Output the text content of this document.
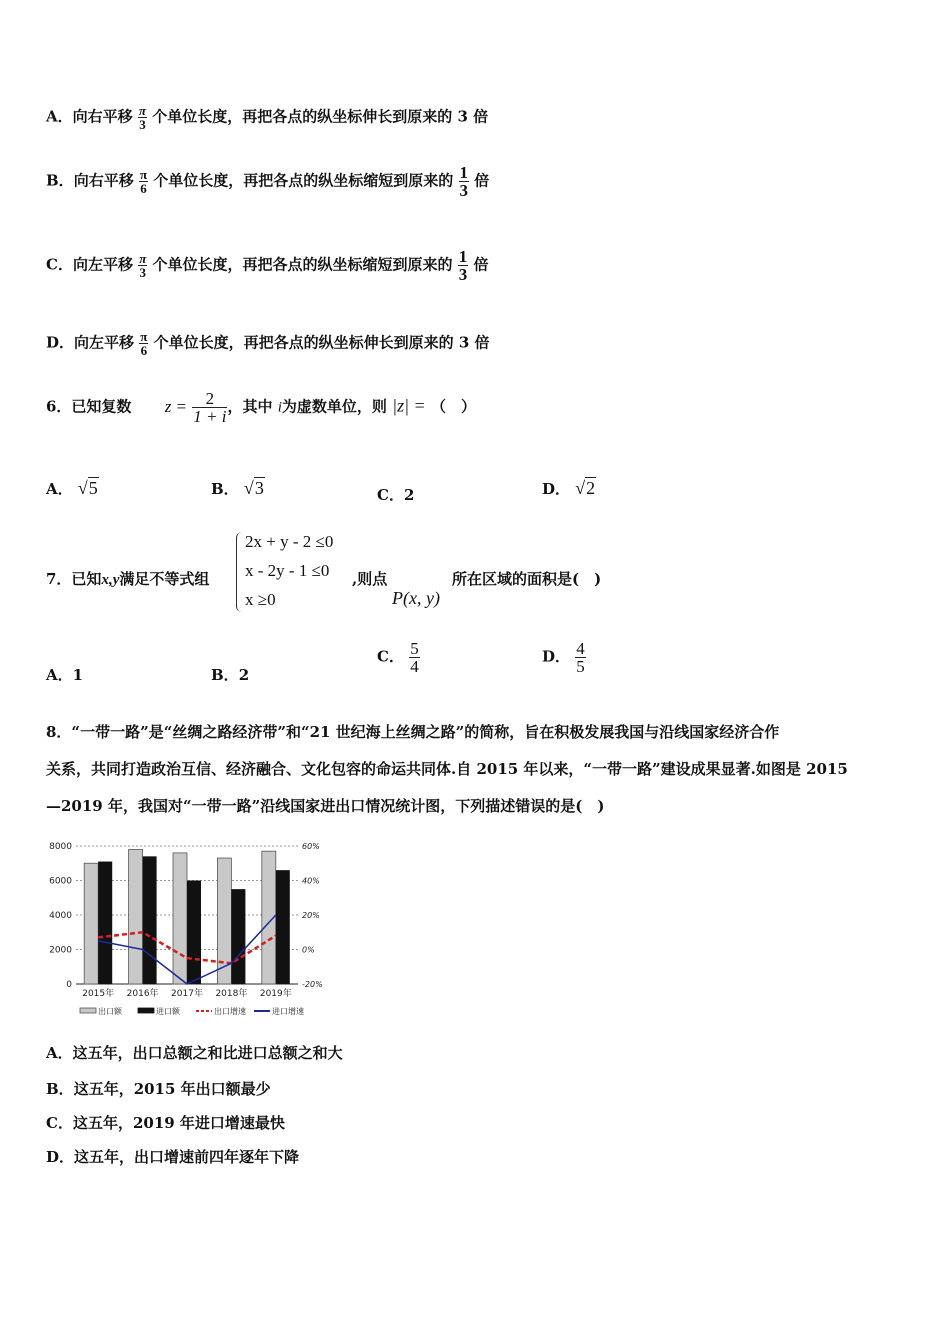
A．向右平移 $\frac{\pi}{3}$ 个单位长度，再把各点的纵坐标伸长到原来的 3 倍
B．向右平移 $\frac{\pi}{6}$ 个单位长度，再把各点的纵坐标缩短到原来的 $\frac{1}{3}$ 倍
C．向左平移 $\frac{\pi}{3}$ 个单位长度，再把各点的纵坐标缩短到原来的 $\frac{1}{3}$ 倍
D．向左平移 $\frac{\pi}{6}$ 个单位长度，再把各点的纵坐标伸长到原来的 3 倍
6．已知复数 $z = \frac{2}{1 + i}$ ，其中 i为虚数单位，则 |z| = （　）
A． √5	B． √3	C．2	D． √2
7．已知x,y满足不等式组
2x + y - 2 ≤0
x - 2y - 1 ≤0
x ≥0
,则点
P(x, y)
所在区域的面积是(　)
A．1	B．2
C． $\frac{5}{4}$	D． $\frac{4}{5}$
8．“一带一路”是“丝绸之路经济带”和“21 世纪海上丝绸之路”的简称，旨在积极发展我国与沿线国家经济合作
关系，共同打造政治互信、经济融合、文化包容的命运共同体.自 2015 年以来，“一带一路”建设成果显著.如图是 2015
—2019 年，我国对“一带一路”沿线国家进出口情况统计图，下列描述错误的是(　)
0
2000
4000
6000
8000
-20%
0%
20%
40%
60%
2015年 2016年 2017年 2018年 2019年
出口额	进口额	出口增速	进口增速
A．这五年，出口总额之和比进口总额之和大
B．这五年，2015 年出口额最少
C．这五年，2019 年进口增速最快
D．这五年，出口增速前四年逐年下降
